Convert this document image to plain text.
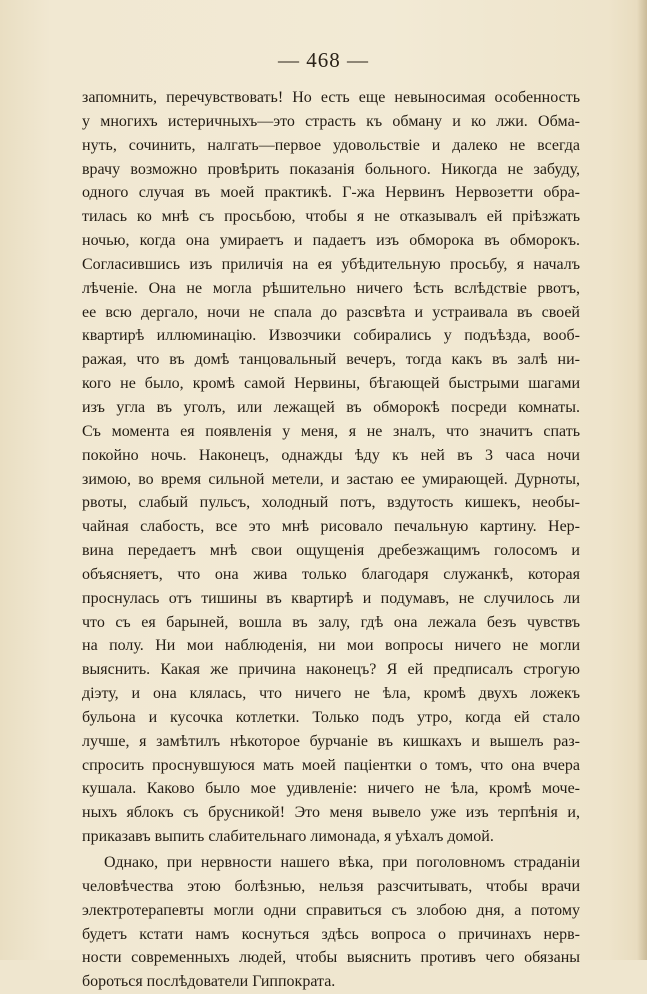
— 468 —
запомнить, перечувствовать! Но есть еще невыносимая особенность
у многихъ истеричныхъ—это страсть къ обману и ко лжи. Обма-
нуть, сочинить, налгать—первое удовольствіе и далеко не всегда
врачу возможно провѣрить показанія больного. Никогда не забуду,
одного случая въ моей практикѣ. Г-жа Нервинъ Нервозетти обра-
тилась ко мнѣ съ просьбою, чтобы я не отказывалъ ей пріѣзжать
ночью, когда она умираетъ и падаетъ изъ обморока въ обморокъ.
Согласившись изъ приличія на ея убѣдительную просьбу, я началъ
лѣченіе. Она не могла рѣшительно ничего ѣсть вслѣдствіе рвотъ,
ее всю дергало, ночи не спала до разсвѣта и устраивала въ своей
квартирѣ иллюминацію. Извозчики собирались у подъѣзда, вооб-
ражая, что въ домѣ танцовальный вечеръ, тогда какъ въ залѣ ни-
кого не было, кромѣ самой Нервины, бѣгающей быстрыми шагами
изъ угла въ уголъ, или лежащей въ обморокѣ посреди комнаты.
Съ момента ея появленія у меня, я не зналъ, что значитъ спать
покойно ночь. Наконецъ, однажды ѣду къ ней въ 3 часа ночи
зимою, во время сильной метели, и застаю ее умирающей. Дурноты,
рвоты, слабый пульсъ, холодный потъ, вздутость кишекъ, необы-
чайная слабость, все это мнѣ рисовало печальную картину. Нер-
вина передаетъ мнѣ свои ощущенія дребезжащимъ голосомъ и
объясняетъ, что она жива только благодаря служанкѣ, которая
проснулась отъ тишины въ квартирѣ и подумавъ, не случилось ли
что съ ея барыней, вошла въ залу, гдѣ она лежала безъ чувствъ
на полу. Ни мои наблюденія, ни мои вопросы ничего не могли
выяснить. Какая же причина наконецъ? Я ей предписалъ строгую
діэту, и она клялась, что ничего не ѣла, кромѣ двухъ ложекъ
бульона и кусочка котлетки. Только подъ утро, когда ей стало
лучше, я замѣтилъ нѣкоторое бурчаніе въ кишкахъ и вышелъ раз-
спросить проснувшуюся мать моей паціентки о томъ, что она вчера
кушала. Каково было мое удивленіе: ничего не ѣла, кромѣ моче-
ныхъ яблокъ съ брусникой! Это меня вывело уже изъ терпѣнія и,
приказавъ выпить слабительнаго лимонада, я уѣхалъ домой.
Однако, при нервности нашего вѣка, при поголовномъ страданіи
человѣчества этою болѣзнью, нельзя разсчитывать, чтобы врачи
электротерапевты могли одни справиться съ злобою дня, а потому
будетъ кстати намъ коснуться здѣсь вопроса о причинахъ нерв-
ности современныхъ людей, чтобы выяснить противъ чего обязаны
бороться послѣдователи Гиппократа.
